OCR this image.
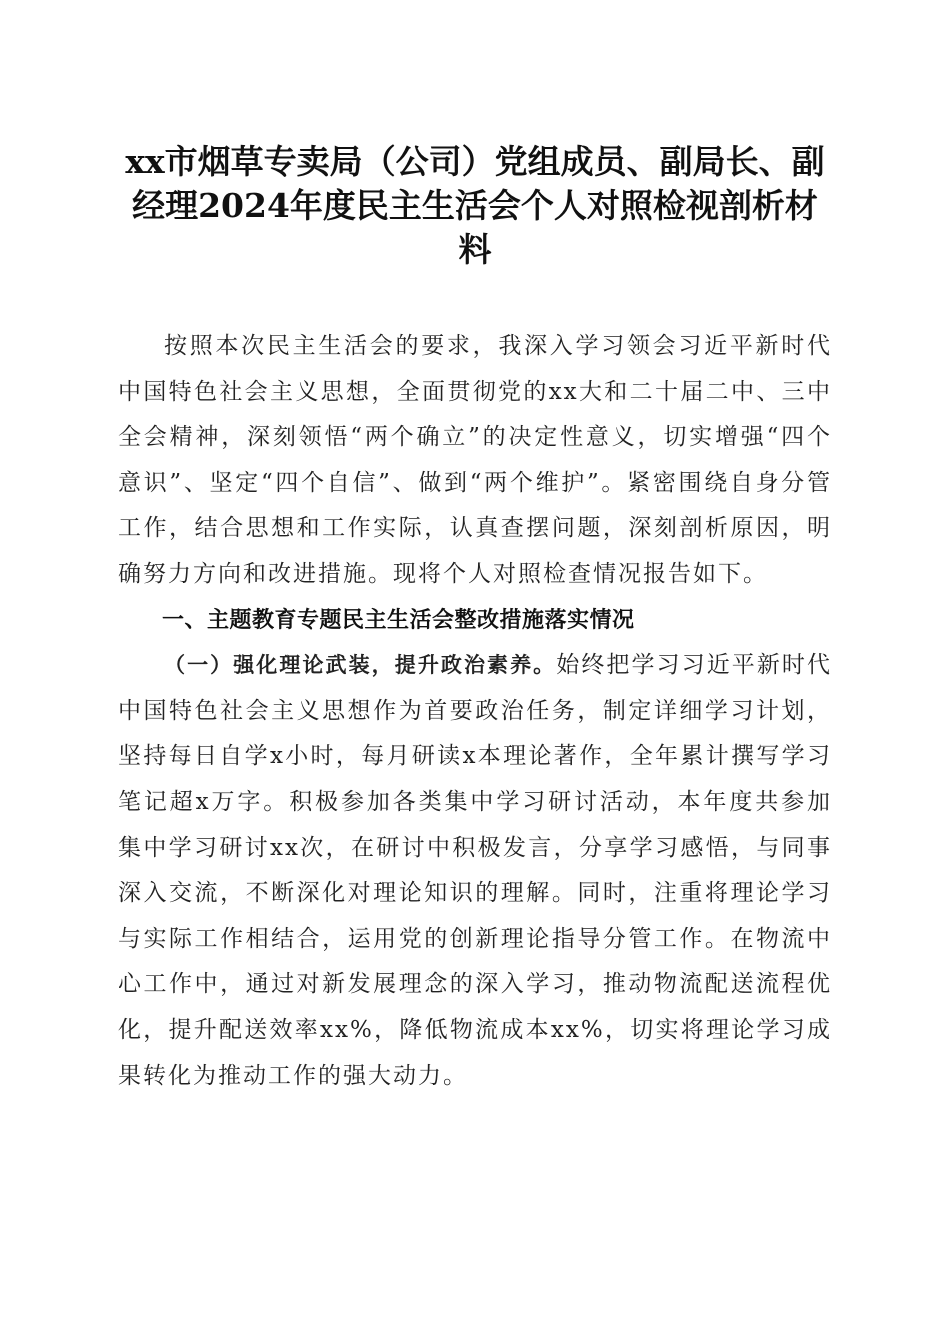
xx市烟草专卖局（公司）党组成员、副局长、副经理2024年度民主生活会个人对照检视剖析材料

按照本次民主生活会的要求，我深入学习领会习近平新时代中国特色社会主义思想，全面贯彻党的xx大和二十届二中、三中全会精神，深刻领悟“两个确立”的决定性意义，切实增强“四个意识”、坚定“四个自信”、做到“两个维护”。紧密围绕自身分管工作，结合思想和工作实际，认真查摆问题，深刻剖析原因，明确努力方向和改进措施。现将个人对照检查情况报告如下。

一、主题教育专题民主生活会整改措施落实情况

（一）强化理论武装，提升政治素养。始终把学习习近平新时代中国特色社会主义思想作为首要政治任务，制定详细学习计划，坚持每日自学x小时，每月研读x本理论著作，全年累计撰写学习笔记超x万字。积极参加各类集中学习研讨活动，本年度共参加集中学习研讨xx次，在研讨中积极发言，分享学习感悟，与同事深入交流，不断深化对理论知识的理解。同时，注重将理论学习与实际工作相结合，运用党的创新理论指导分管工作。在物流中心工作中，通过对新发展理念的深入学习，推动物流配送流程优化，提升配送效率xx%，降低物流成本xx%，切实将理论学习成果转化为推动工作的强大动力。
